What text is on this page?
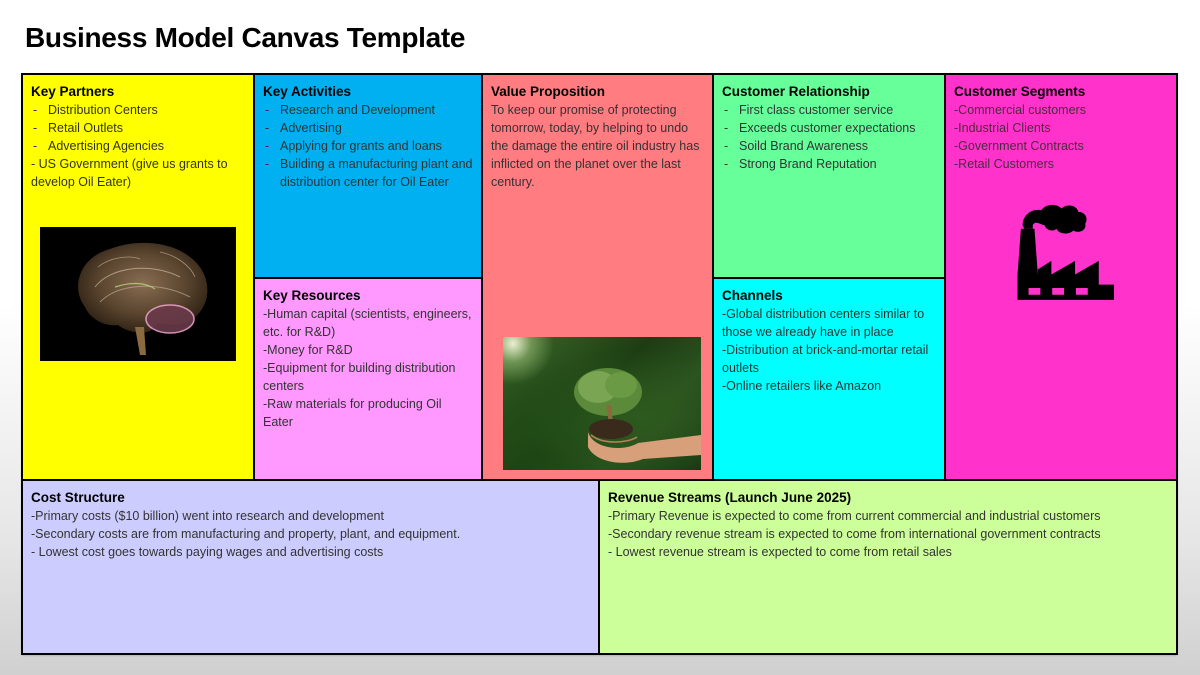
Business Model Canvas Template
Key Partners
- Distribution Centers
- Retail Outlets
- Advertising Agencies

- US Government (give us grants to develop Oil Eater)

Key Activities
- Research and Development
- Advertising
- Applying for grants and loans
- Building a manufacturing plant and distribution center for Oil Eater
Key Resources
-Human capital (scientists, engineers, etc. for R&D)
-Money for R&D
-Equipment for building distribution centers
-Raw materials for producing Oil Eater
Value Proposition

To keep our promise of protecting tomorrow, today, by helping to undo the damage the entire oil industry has inflicted on the planet over the last century.

Customer Relationship
- First class customer service
- Exceeds customer expectations
- Soild Brand Awareness
- Strong Brand Reputation
Channels
-Global distribution centers similar to those we already have in place
-Distribution at brick-and-mortar retail outlets
-Online retailers like Amazon
Customer Segments
-Commercial customers
-Industrial Clients
-Government Contracts
-Retail Customers
Cost Structure
-Primary costs ($10 billion) went into research and development
-Secondary costs are from manufacturing and property, plant, and equipment.
- Lowest cost goes towards paying wages and advertising costs
Revenue Streams (Launch June 2025)
-Primary Revenue is expected to come from current commercial and industrial customers
-Secondary revenue stream is expected to come from international government contracts
- Lowest revenue stream is expected to come from retail sales
